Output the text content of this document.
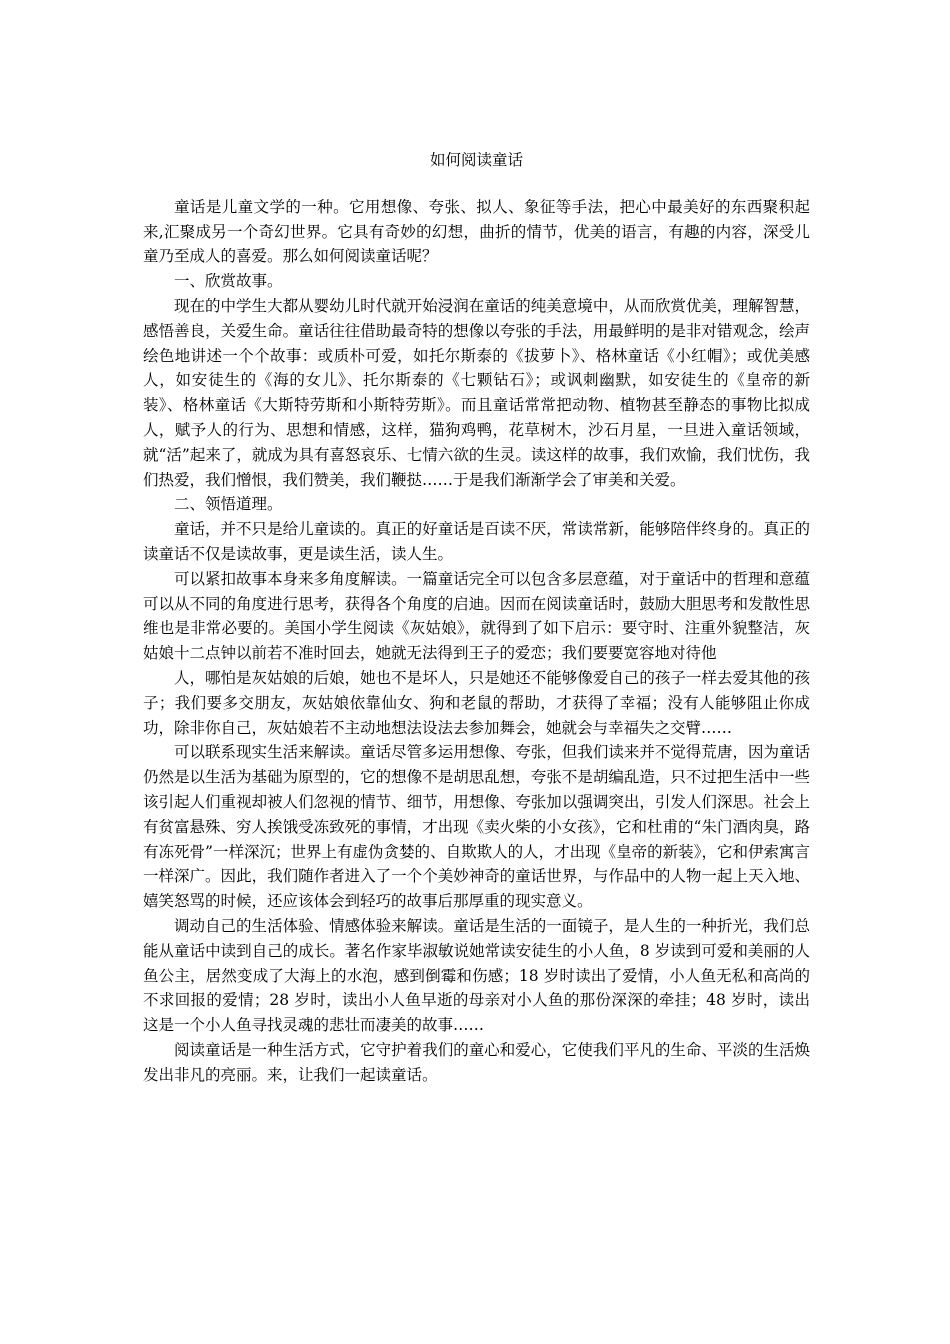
如何阅读童话

童话是儿童文学的一种。它用想像、夸张、拟人、象征等手法，把心中最美好的东西聚积起来,汇聚成另一个奇幻世界。它具有奇妙的幻想，曲折的情节，优美的语言，有趣的内容，深受儿童乃至成人的喜爱。那么如何阅读童话呢？

一、欣赏故事。

现在的中学生大都从婴幼儿时代就开始浸润在童话的纯美意境中，从而欣赏优美，理解智慧，感悟善良，关爱生命。童话往往借助最奇特的想像以夸张的手法，用最鲜明的是非对错观念，绘声绘色地讲述一个个故事：或质朴可爱，如托尔斯泰的《拔萝卜》、格林童话《小红帽》；或优美感人，如安徒生的《海的女儿》、托尔斯泰的《七颗钻石》；或讽刺幽默，如安徒生的《皇帝的新装》、格林童话《大斯特劳斯和小斯特劳斯》。而且童话常常把动物、植物甚至静态的事物比拟成人，赋予人的行为、思想和情感，这样，猫狗鸡鸭，花草树木，沙石月星，一旦进入童话领域，就“活”起来了，就成为具有喜怒哀乐、七情六欲的生灵。读这样的故事，我们欢愉，我们忧伤，我们热爱，我们憎恨，我们赞美，我们鞭挞……于是我们渐渐学会了审美和关爱。

二、领悟道理。

童话，并不只是给儿童读的。真正的好童话是百读不厌，常读常新，能够陪伴终身的。真正的读童话不仅是读故事，更是读生活，读人生。

可以紧扣故事本身来多角度解读。一篇童话完全可以包含多层意蕴，对于童话中的哲理和意蕴可以从不同的角度进行思考，获得各个角度的启迪。因而在阅读童话时，鼓励大胆思考和发散性思维也是非常必要的。美国小学生阅读《灰姑娘》，就得到了如下启示：要守时、注重外貌整洁，灰姑娘十二点钟以前若不准时回去，她就无法得到王子的爱恋；我们要要宽容地对待他

人，哪怕是灰姑娘的后娘，她也不是坏人，只是她还不能够像爱自己的孩子一样去爱其他的孩子；我们要多交朋友，灰姑娘依靠仙女、狗和老鼠的帮助，才获得了幸福；没有人能够阻止你成功，除非你自己，灰姑娘若不主动地想法设法去参加舞会，她就会与幸福失之交臂……

可以联系现实生活来解读。童话尽管多运用想像、夸张，但我们读来并不觉得荒唐，因为童话仍然是以生活为基础为原型的，它的想像不是胡思乱想，夸张不是胡编乱造，只不过把生活中一些该引起人们重视却被人们忽视的情节、细节，用想像、夸张加以强调突出，引发人们深思。社会上有贫富悬殊、穷人挨饿受冻致死的事情，才出现《卖火柴的小女孩》，它和杜甫的“朱门酒肉臭，路有冻死骨”一样深沉；世界上有虚伪贪婪的、自欺欺人的人，才出现《皇帝的新装》，它和伊索寓言一样深广。因此，我们随作者进入了一个个美妙神奇的童话世界，与作品中的人物一起上天入地、嬉笑怒骂的时候，还应该体会到轻巧的故事后那厚重的现实意义。

调动自己的生活体验、情感体验来解读。童话是生活的一面镜子，是人生的一种折光，我们总能从童话中读到自己的成长。著名作家毕淑敏说她常读安徒生的小人鱼，8 岁读到可爱和美丽的人鱼公主，居然变成了大海上的水泡，感到倒霉和伤感；18 岁时读出了爱情，小人鱼无私和高尚的不求回报的爱情；28 岁时，读出小人鱼早逝的母亲对小人鱼的那份深深的牵挂；48 岁时，读出这是一个小人鱼寻找灵魂的悲壮而凄美的故事……

阅读童话是一种生活方式，它守护着我们的童心和爱心，它使我们平凡的生命、平淡的生活焕发出非凡的亮丽。来，让我们一起读童话。
